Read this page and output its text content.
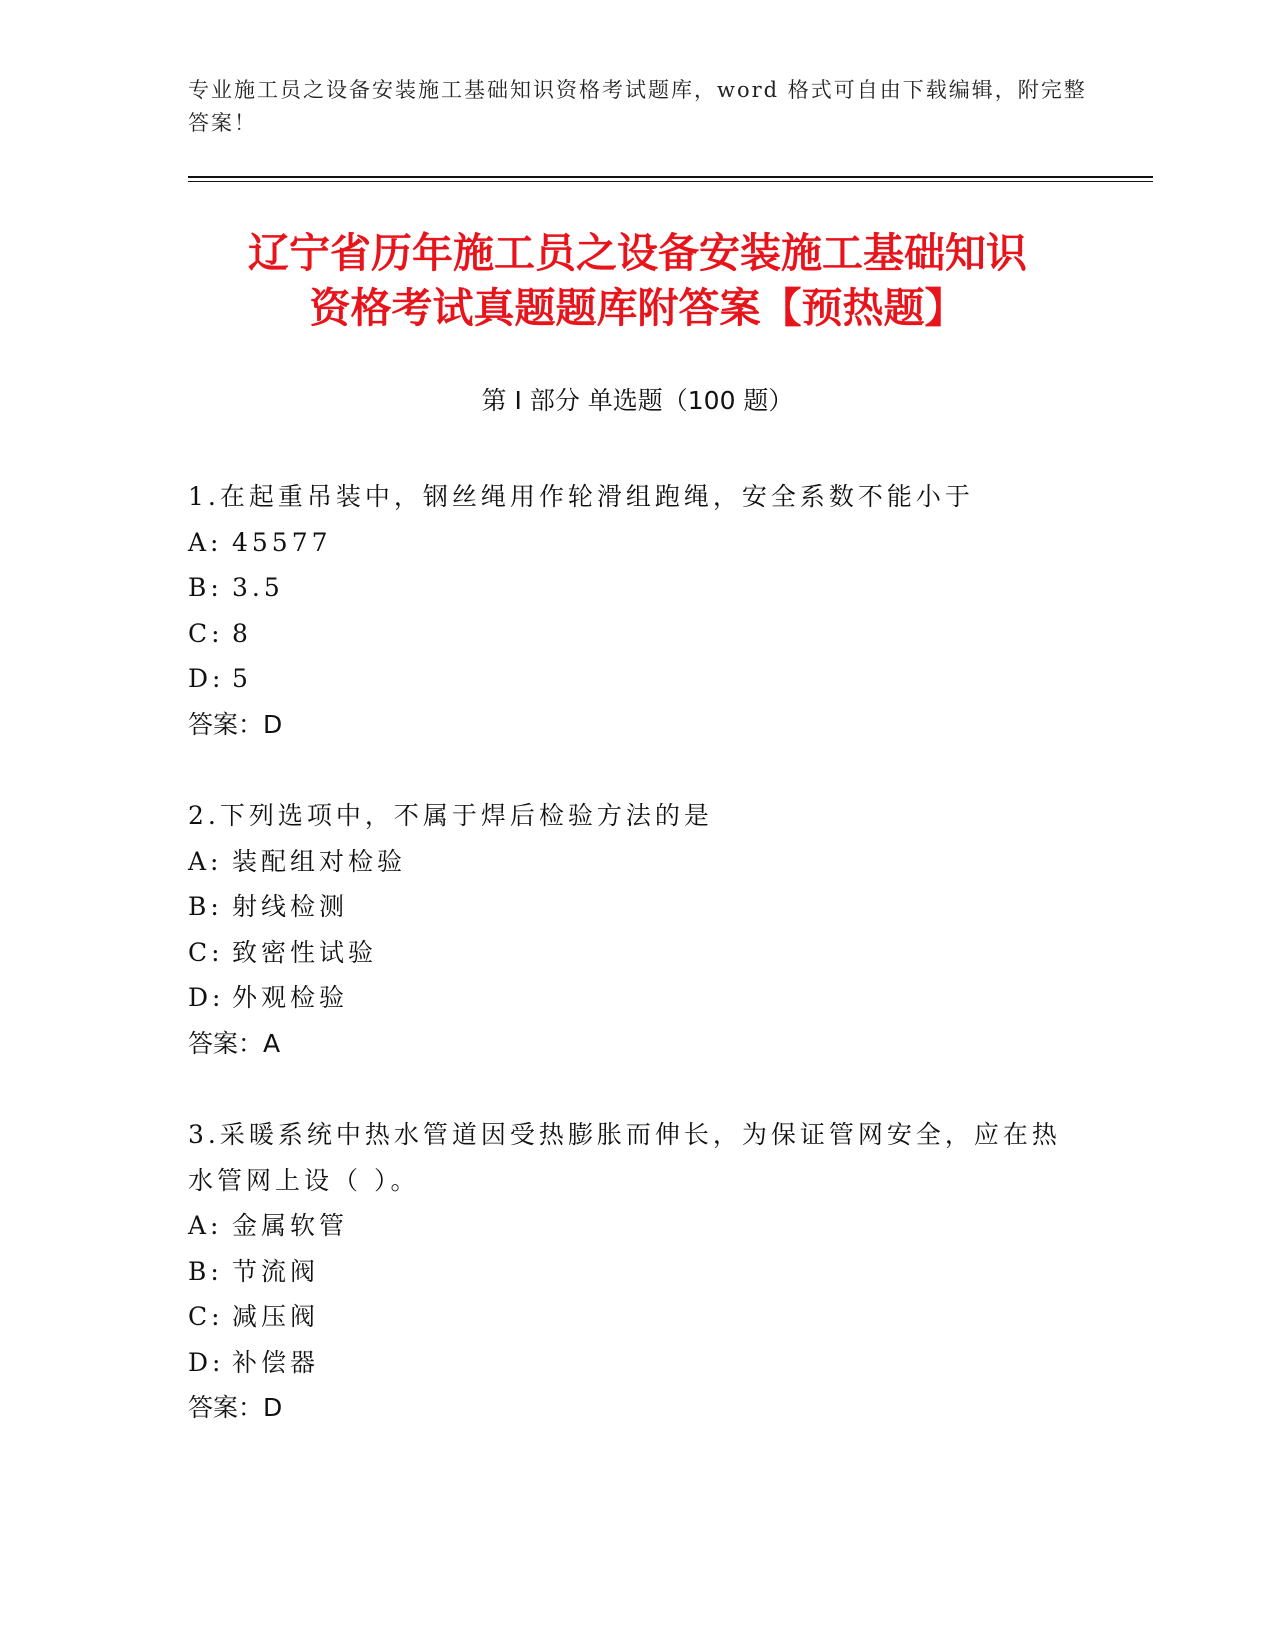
专业施工员之设备安装施工基础知识资格考试题库，word 格式可自由下载编辑，附完整答案！
辽宁省历年施工员之设备安装施工基础知识
资格考试真题题库附答案【预热题】
第 I 部分 单选题（100 题）

1.在起重吊装中，钢丝绳用作轮滑组跑绳，安全系数不能小于

A: 45577

B: 3.5

C: 8

D: 5

答案：D

2.下列选项中，不属于焊后检验方法的是

A: 装配组对检验

B: 射线检测

C: 致密性试验

D: 外观检验

答案：A

3.采暖系统中热水管道因受热膨胀而伸长，为保证管网安全，应在热水管网上设（ ）。

A: 金属软管

B: 节流阀

C: 减压阀

D: 补偿器

答案：D
